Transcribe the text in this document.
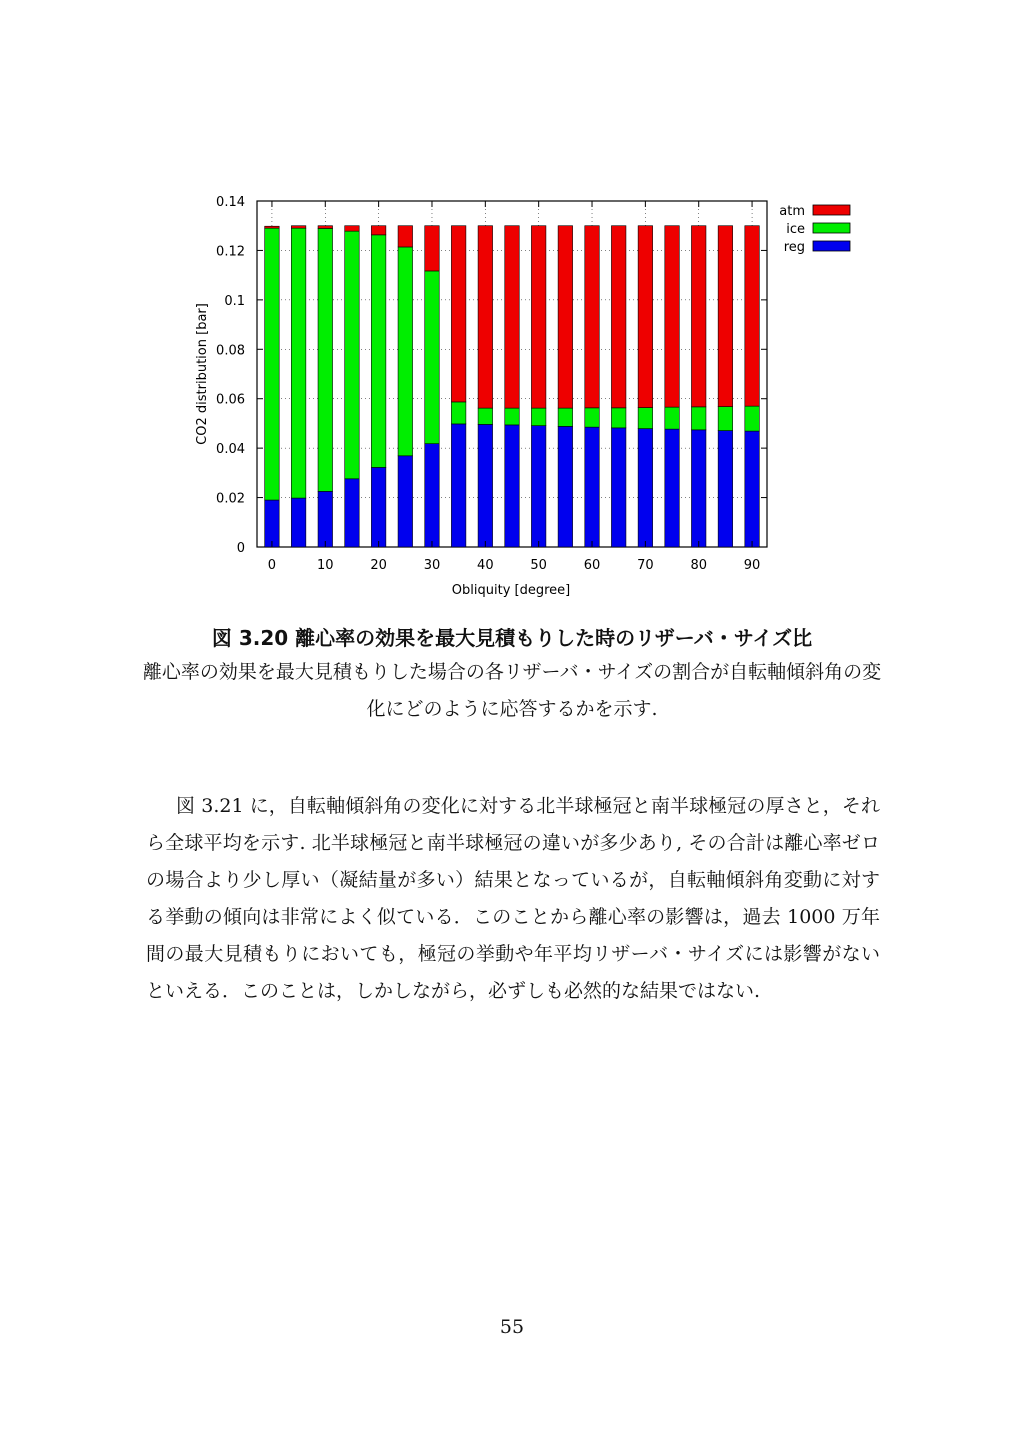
0
0.02
0.04
0.06
0.08
0.1
0.12
0.14
0	10	20	30	40	50	60	70	80	90
Obliquity [degree]
CO2 distribution [bar]
atm
ice
reg
図 3.20 離心率の効果を最大見積もりした時のリザーバ・サイズ比
離心率の効果を最大見積もりした場合の各リザーバ・サイズの割合が自転軸傾斜角の変化にどのように応答するかを示す.
図 3.21 に，自転軸傾斜角の変化に対する北半球極冠と南半球極冠の厚さと，それら全球平均を示す. 北半球極冠と南半球極冠の違いが多少あり, その合計は離心率ゼロの場合より少し厚い（凝結量が多い）結果となっているが，自転軸傾斜角変動に対する挙動の傾向は非常によく似ている．このことから離心率の影響は，過去 1000 万年間の最大見積もりにおいても，極冠の挙動や年平均リザーバ・サイズには影響がないといえる．このことは，しかしながら，必ずしも必然的な結果ではない.
55
